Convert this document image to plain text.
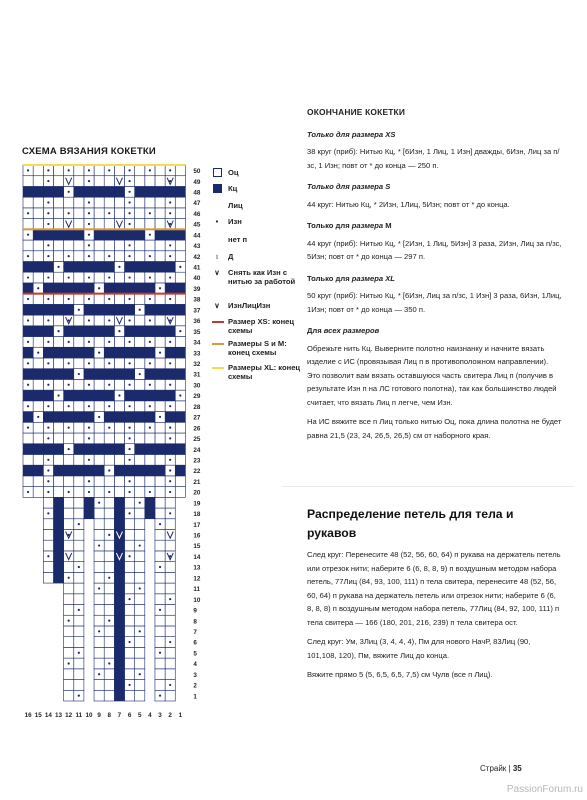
СХЕМА ВЯЗАНИЯ КОКЕТКИ
1
2
3
4
5
6
7
8
9
10
11
12
13
14
15
16
17
18
19
20
21
22
23
24
25
26
27
28
29
30
31
32
33
34
35
36
37
38
39
40
41
42
43
44
45
46
47
48
49
50
16 15 14 13 12 11 10 9 8 7 6 5 4 3 2 1
Оц
Кц
Лиц
•	Изн
нет п
♁ Д
∨ Снять как Изн с нитью за работой
∨ ИзнЛицИзн
Размер XS: конец схемы
Размеры S и M: конец схемы
Размеры XL: конец схемы

ОКОНЧАНИЕ КОКЕТКИ

Только для размера XS

38 круг (приб): Нитью Кц, * [6Изн, 1 Лиц, 1 Изн] дважды, 6Изн, Лиц за п/зс, 1 Изн; повт от * до конца — 250 п.

Только для размера S

44 круг: Нитью Кц, * 2Изн, 1Лиц, 5Изн; повт от * до конца.

Только для размера M

44 круг (приб): Нитью Кц, * [2Изн, 1 Лиц, 5Изн] 3 раза, 2Изн, Лиц за п/зс, 5Изн; повт от * до конца — 297 п.

Только для размера XL

50 круг (приб): Нитью Кц, * [6Изн, Лиц за п/зс, 1 Изн] 3 раза, 6Изн, 1Лиц, 1Изн; повт от * до конца — 350 п.

Для всех размеров

Обрежьте нить Кц. Выверните полотно наизнанку и начните вязать изделие с ИС (провязывая Лиц п в противоположном направлении). Это позволит вам вязать оставшуюся часть свитера Лиц п (получив в результате Изн п на ЛС готового полотна), так как большинство людей считает, что вязать Лиц п легче, чем Изн.

На ИС вяжите все п Лиц только нитью Оц, пока длина полотна не будет равна 21,5 (23, 24, 26,5, 26,5) см от наборного края.

Распределение петель для тела и рукавов

След круг: Перенесите 48 (52, 56, 60, 64) п рукава на держатель петель или отрезок нити; наберите 6 (6, 8, 8, 9) п воздушным методом набора петель, 77Лиц (84, 93, 100, 111) п тела свитера, перенесите 48 (52, 56, 60, 64) п рукава на держатель петель или отрезок нити; наберите 6 (6, 8, 8, 8) п воздушным методом набора петель, 77Лиц (84, 92, 100, 111) п тела свитера — 166 (180, 201, 216, 239) п тела свитера ост.

След круг: Ум, 3Лиц (3, 4, 4, 4), Пм для нового НачР, 83Лиц (90, 101,108, 120), Пм, вяжите Лиц до конца.

Вяжите прямо 5 (5, 6,5, 6,5, 7,5) см Чулв (все п Лиц).

Страйк | 35
PassionForum.ru
